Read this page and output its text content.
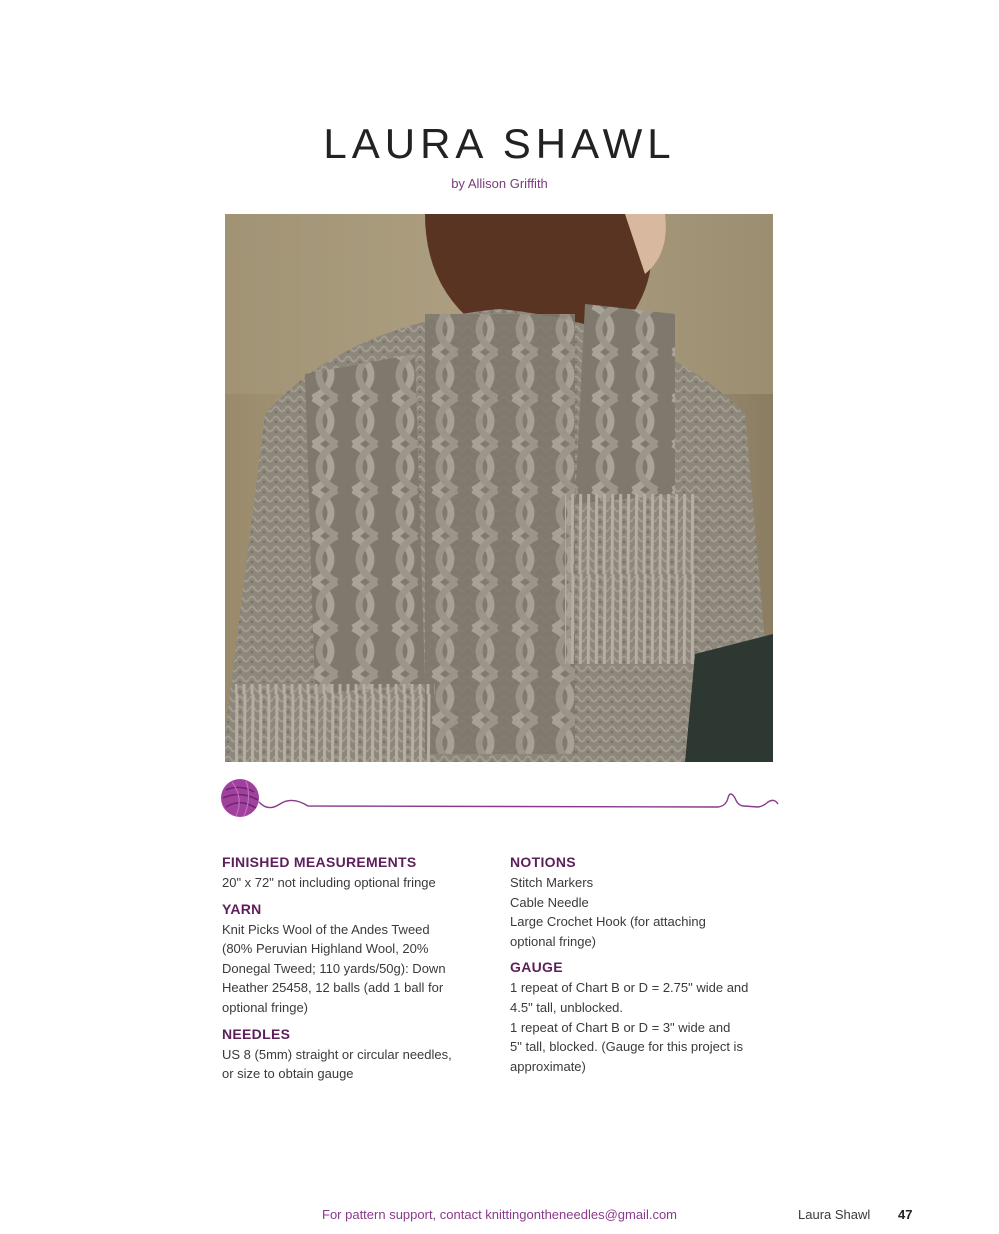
LAURA SHAWL
by Allison Griffith
FINISHED MEASUREMENTS
20" x 72" not including optional fringe
YARN
Knit Picks Wool of the Andes Tweed
(80% Peruvian Highland Wool, 20%
Donegal Tweed; 110 yards/50g): Down
Heather 25458, 12 balls (add 1 ball for
optional fringe)
NEEDLES
US 8 (5mm) straight or circular needles,
or size to obtain gauge
NOTIONS
Stitch Markers
Cable Needle
Large Crochet Hook (for attaching
optional fringe)
GAUGE
1 repeat of Chart B or D = 2.75" wide and
4.5" tall, unblocked.
1 repeat of Chart B or D = 3" wide and
5" tall, blocked. (Gauge for this project is
approximate)
For pattern support, contact knittingontheneedles@gmail.com	Laura Shawl 47
